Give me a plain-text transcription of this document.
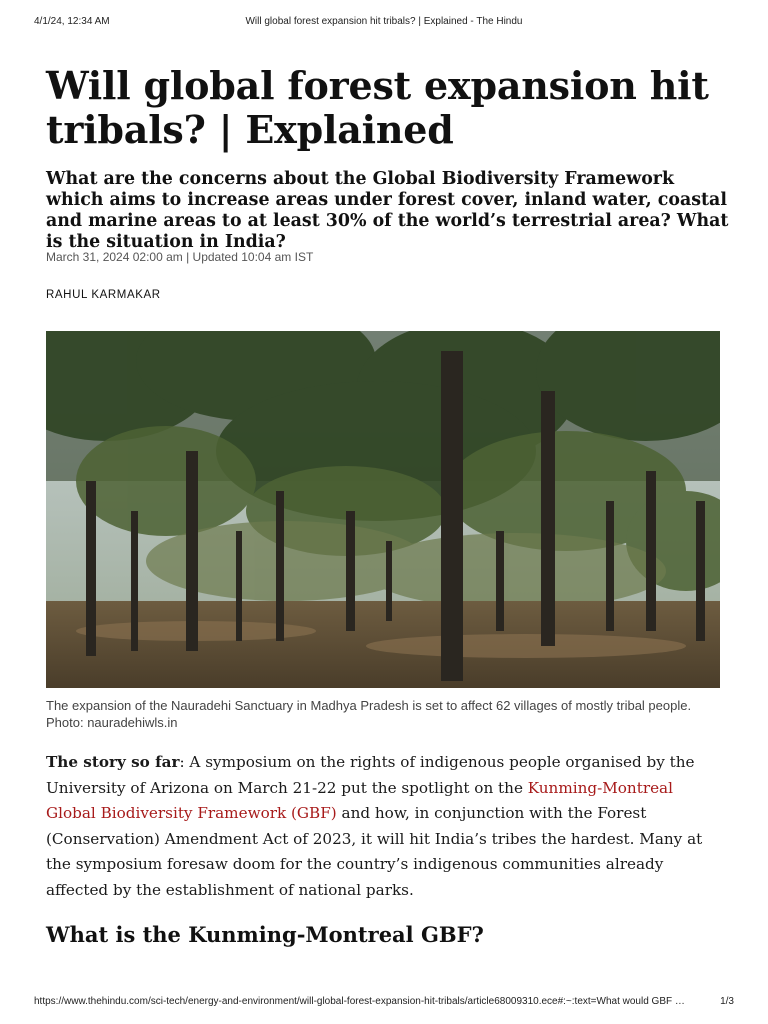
4/1/24, 12:34 AM	Will global forest expansion hit tribals? | Explained - The Hindu
Will global forest expansion hit tribals? | Explained
What are the concerns about the Global Biodiversity Framework which aims to increase areas under forest cover, inland water, coastal and marine areas to at least 30% of the world’s terrestrial area? What is the situation in India?
March 31, 2024 02:00 am | Updated 10:04 am IST
RAHUL KARMAKAR
The expansion of the Nauradehi Sanctuary in Madhya Pradesh is set to affect 62 villages of mostly tribal people. Photo: nauradehiwls.in

The story so far: A symposium on the rights of indigenous people organised by the University of Arizona on March 21-22 put the spotlight on the Kunming-Montreal Global Biodiversity Framework (GBF) and how, in conjunction with the Forest (Conservation) Amendment Act of 2023, it will hit India’s tribes the hardest. Many at the symposium foresaw doom for the country’s indigenous communities already affected by the establishment of national parks.

What is the Kunming-Montreal GBF?
https://www.thehindu.com/sci-tech/energy-and-environment/will-global-forest-expansion-hit-tribals/article68009310.ece#:~:text=What would GBF …	1/3
